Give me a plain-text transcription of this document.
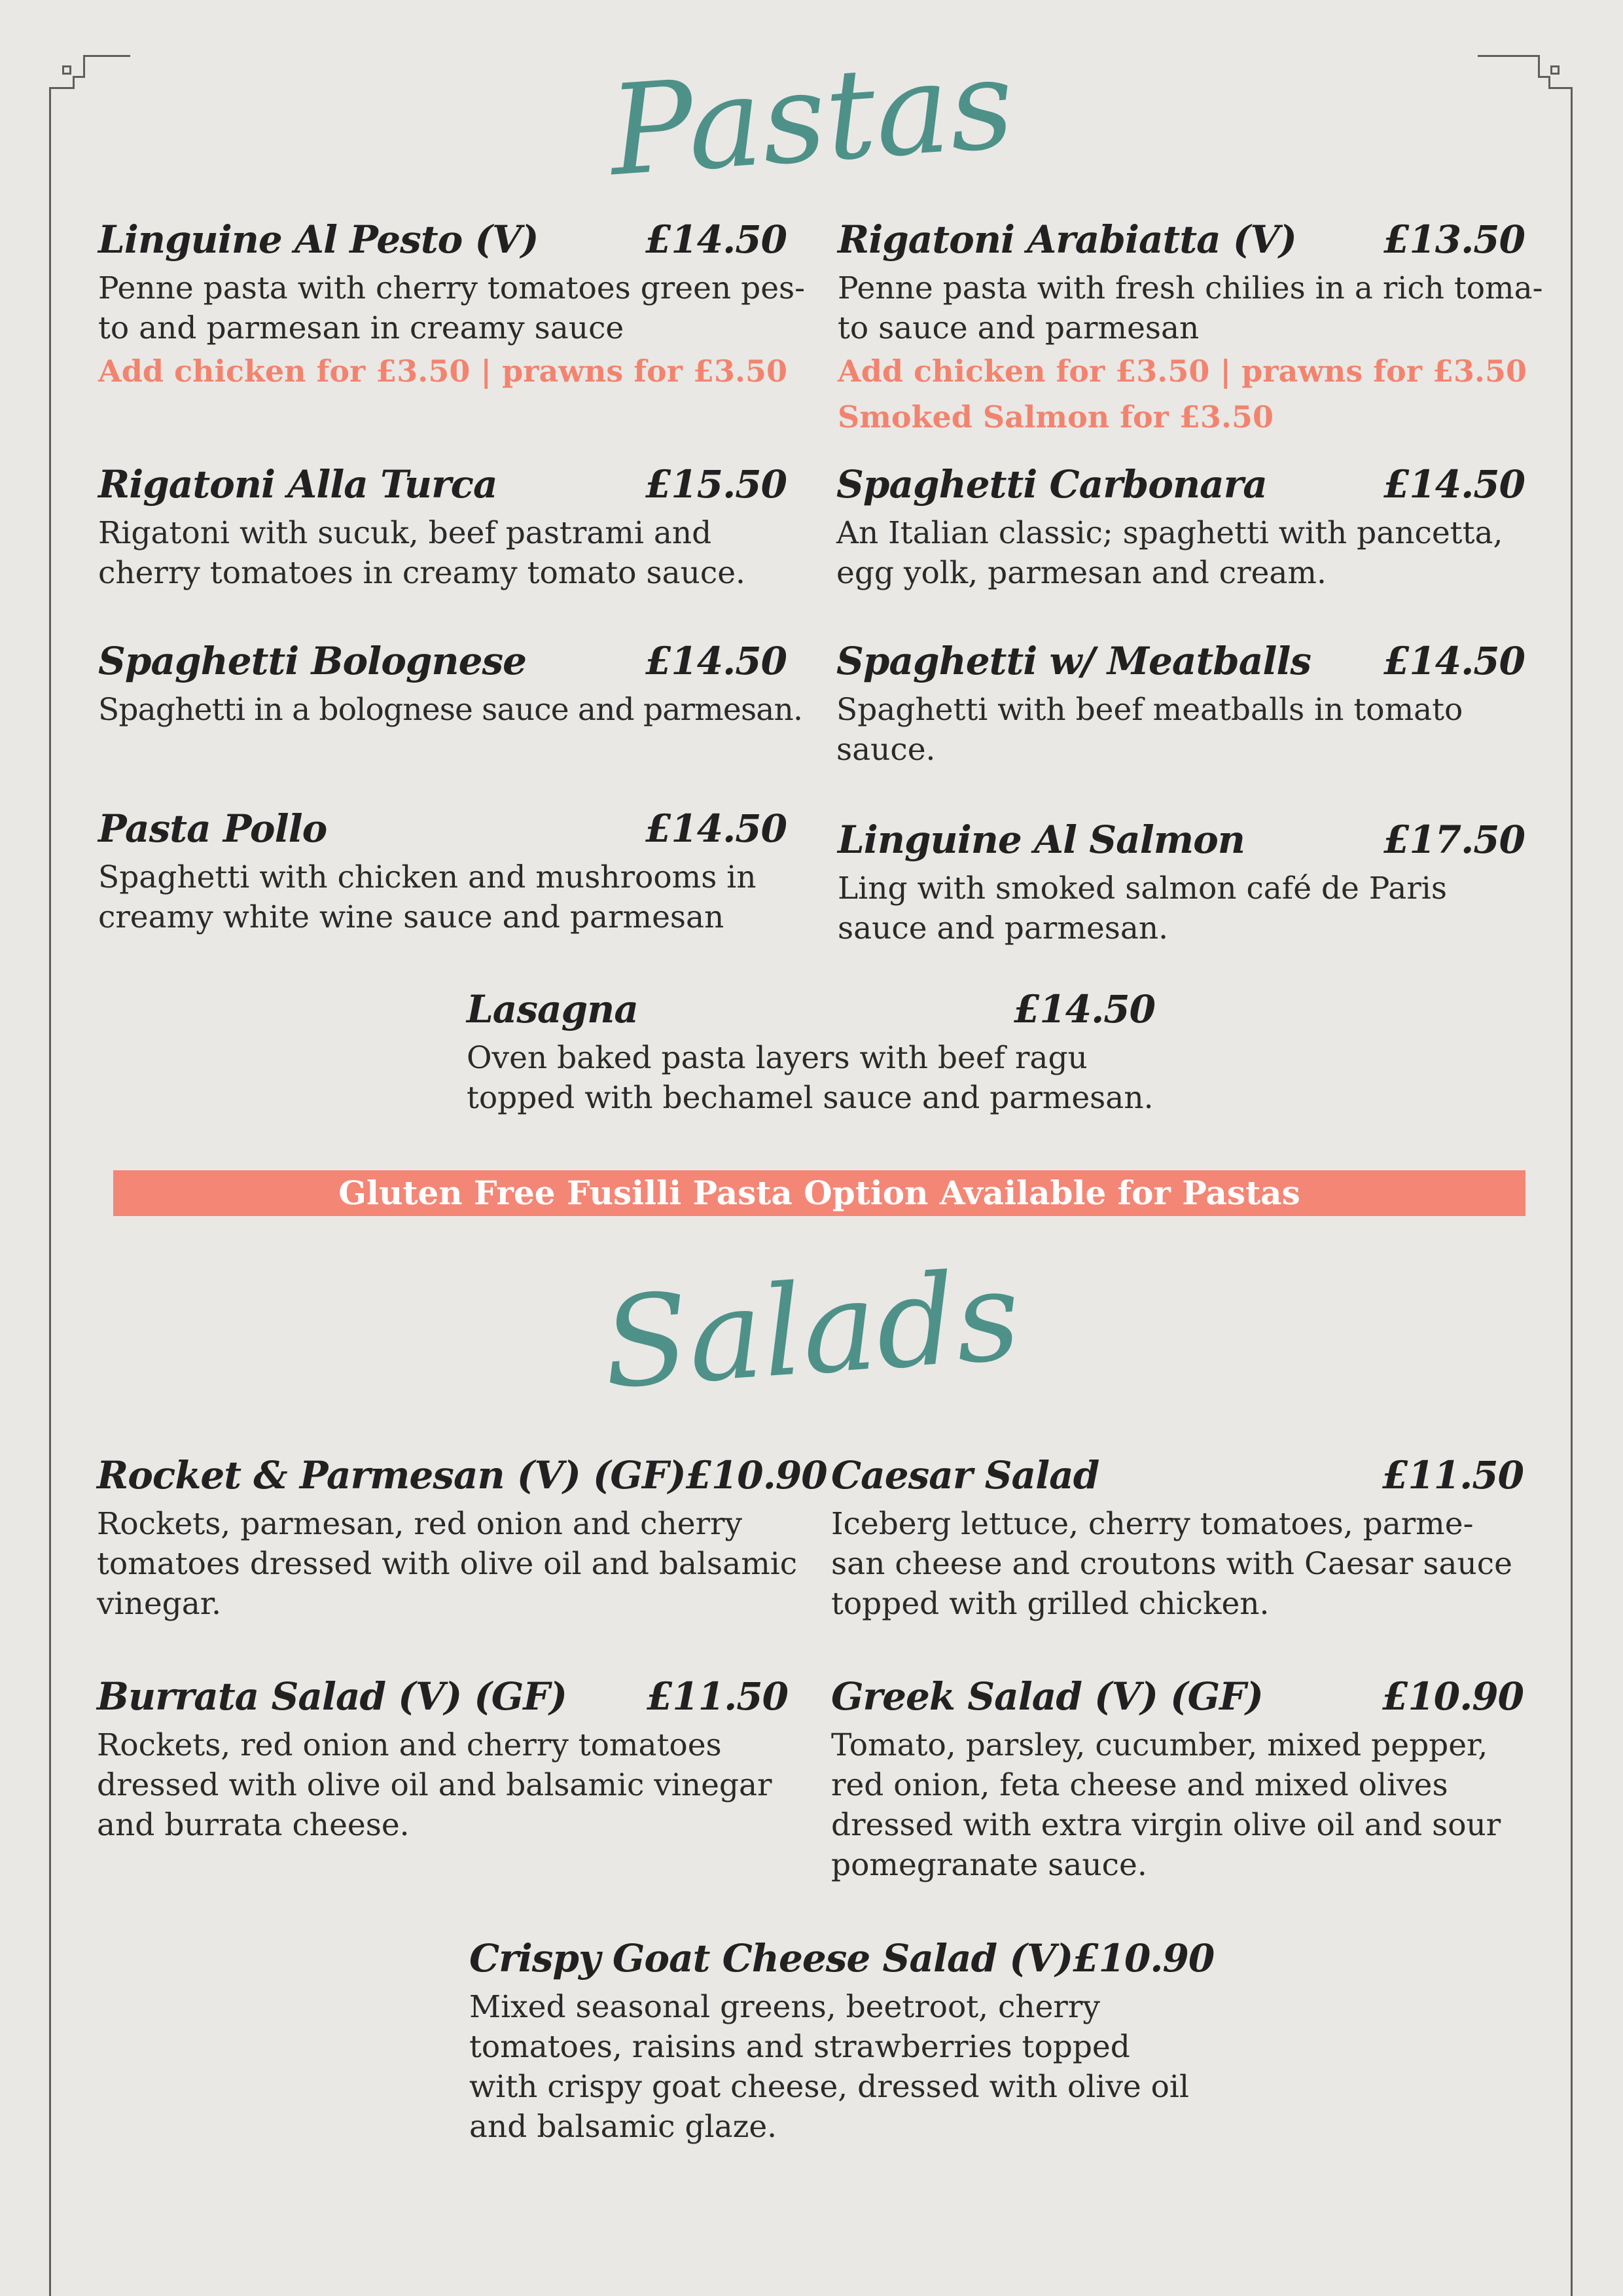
Pastas
Linguine Al Pesto (V)	£14.50
Penne pasta with cherry tomatoes green pes-
to and parmesan in creamy sauce
Add chicken for £3.50 | prawns for £3.50
Rigatoni Arabiatta (V) £13.50
Penne pasta with fresh chilies in a rich toma-
to sauce and parmesan
Add chicken for £3.50 | prawns for £3.50
Smoked Salmon for £3.50
Rigatoni Alla Turca	£15.50
Rigatoni with sucuk, beef pastrami and
cherry tomatoes in creamy tomato sauce.
Spaghetti Carbonara	£14.50
An Italian classic; spaghetti with pancetta,
egg yolk, parmesan and cream.
Spaghetti Bolognese	£14.50
Spaghetti in a bolognese sauce and parmesan.
Spaghetti w/ Meatballs £14.50
Spaghetti with beef meatballs in tomato
sauce.
Pasta Pollo	£14.50
Spaghetti with chicken and mushrooms in
creamy white wine sauce and parmesan
Linguine Al Salmon	£17.50
Ling with smoked salmon café de Paris
sauce and parmesan.
Lasagna	£14.50
Oven baked pasta layers with beef ragu
topped with bechamel sauce and parmesan.
Gluten Free Fusilli Pasta Option Available for Pastas
Salads
Rocket & Parmesan (V) (GF) £10.90
Rockets, parmesan, red onion and cherry
tomatoes dressed with olive oil and balsamic
vinegar.
Caesar Salad	£11.50
Iceberg lettuce, cherry tomatoes, parme-
san cheese and croutons with Caesar sauce
topped with grilled chicken.
Burrata Salad (V) (GF) £11.50
Rockets, red onion and cherry tomatoes
dressed with olive oil and balsamic vinegar
and burrata cheese.
Greek Salad (V) (GF)	£10.90
Tomato, parsley, cucumber, mixed pepper,
red onion, feta cheese and mixed olives
dressed with extra virgin olive oil and sour
pomegranate sauce.
Crispy Goat Cheese Salad (V) £10.90
Mixed seasonal greens, beetroot, cherry
tomatoes, raisins and strawberries topped
with crispy goat cheese, dressed with olive oil
and balsamic glaze.
